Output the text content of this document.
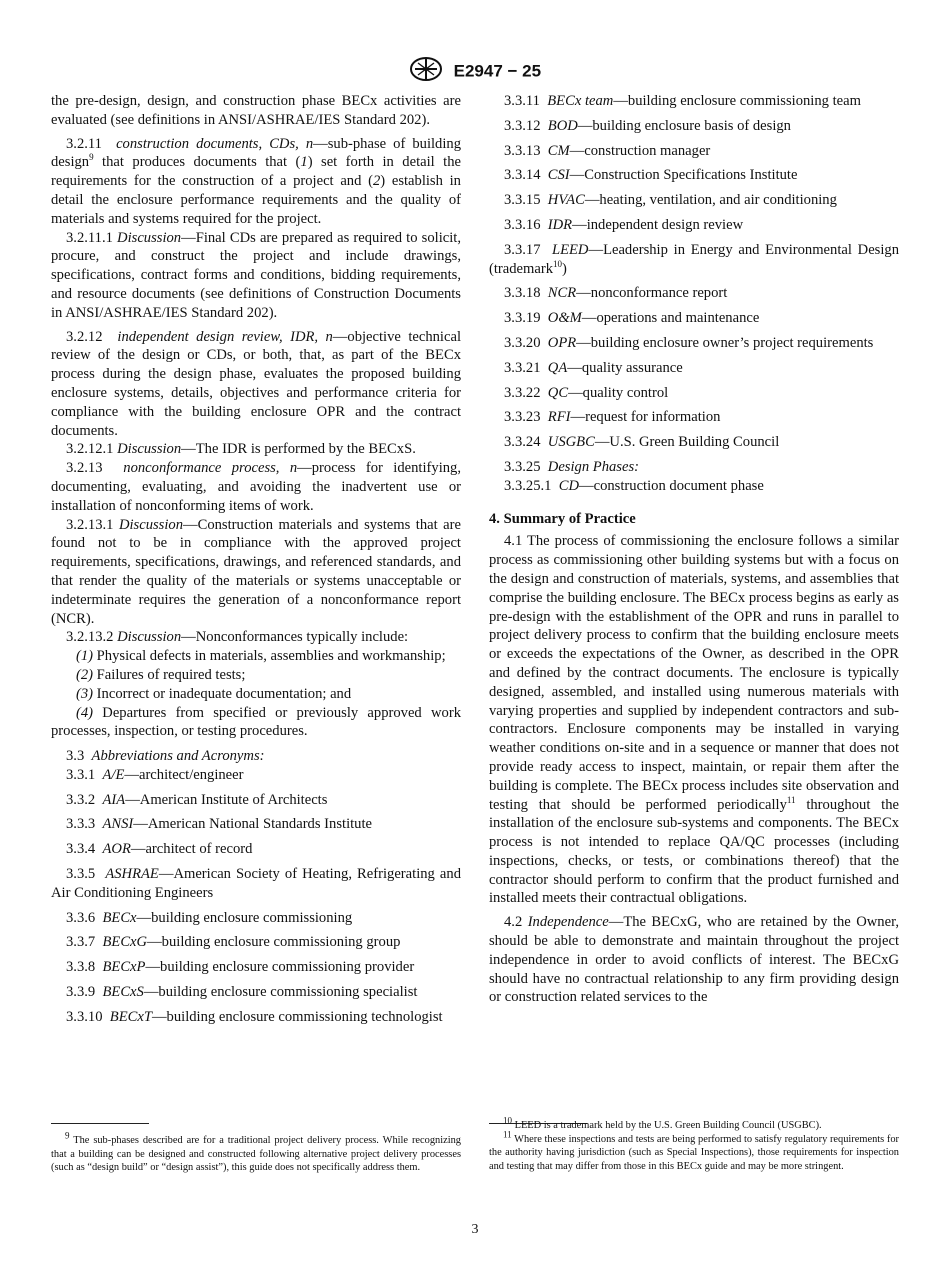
E2947 − 25

the pre-design, design, and construction phase BECx activities are evaluated (see definitions in ANSI/ASHRAE/IES Standard 202).

3.2.11 construction documents, CDs, n—sub-phase of building design$^9$ that produces documents that (1) set forth in detail the requirements for the construction of a project and (2) establish in detail the enclosure performance requirements and the quality of materials and systems required for the project.

3.2.11.1 Discussion—Final CDs are prepared as required to solicit, procure, and construct the project and include drawings, specifications, contract forms and conditions, bidding requirements, and resource documents (see definitions of Construction Documents in ANSI/ASHRAE/IES Standard 202).

3.2.12 independent design review, IDR, n—objective technical review of the design or CDs, or both, that, as part of the BECx process during the design phase, evaluates the proposed building enclosure systems, details, objectives and performance criteria for compliance with the building enclosure OPR and the contract documents.

3.2.12.1 Discussion—The IDR is performed by the BECxS.

3.2.13 nonconformance process, n—process for identifying, documenting, evaluating, and avoiding the inadvertent use or installation of nonconforming items of work.

3.2.13.1 Discussion—Construction materials and systems that are found not to be in compliance with the approved project requirements, specifications, drawings, and referenced standards, and that render the quality of the materials or systems unacceptable or indeterminate requires the generation of a nonconformance report (NCR).

3.2.13.2 Discussion—Nonconformances typically include:

(1) Physical defects in materials, assemblies and workmanship;

(2) Failures of required tests;

(3) Incorrect or inadequate documentation; and

(4) Departures from specified or previously approved work processes, inspection, or testing procedures.

3.3 Abbreviations and Acronyms:

3.3.1 A/E—architect/engineer

3.3.2 AIA—American Institute of Architects

3.3.3 ANSI—American National Standards Institute

3.3.4 AOR—architect of record

3.3.5 ASHRAE—American Society of Heating, Refrigerating and Air Conditioning Engineers

3.3.6 BECx—building enclosure commissioning

3.3.7 BECxG—building enclosure commissioning group

3.3.8 BECxP—building enclosure commissioning provider

3.3.9 BECxS—building enclosure commissioning specialist

3.3.10 BECxT—building enclosure commissioning technologist

3.3.11 BECx team—building enclosure commissioning team

3.3.12 BOD—building enclosure basis of design

3.3.13 CM—construction manager

3.3.14 CSI—Construction Specifications Institute

3.3.15 HVAC—heating, ventilation, and air conditioning

3.3.16 IDR—independent design review

3.3.17 LEED—Leadership in Energy and Environmental Design (trademark$^{10}$)

3.3.18 NCR—nonconformance report

3.3.19 O&M—operations and maintenance

3.3.20 OPR—building enclosure owner’s project requirements

3.3.21 QA—quality assurance

3.3.22 QC—quality control

3.3.23 RFI—request for information

3.3.24 USGBC—U.S. Green Building Council

3.3.25 Design Phases:

3.3.25.1 CD—construction document phase

4. Summary of Practice

4.1 The process of commissioning the enclosure follows a similar process as commissioning other building systems but with a focus on the design and construction of materials, systems, and assemblies that comprise the building enclosure. The BECx process begins as early as pre-design with the establishment of the OPR and runs in parallel to project delivery process to confirm that the building enclosure meets or exceeds the expectations of the Owner, as described in the OPR and defined by the contract documents. The enclosure is typically designed, assembled, and installed using numerous materials with varying properties and supplied by independent contractors and sub-contractors. Enclosure components may be installed in varying weather conditions on-site and in a sequence or manner that does not provide ready access to inspect, maintain, or repair them after the building is complete. The BECx process includes site observation and testing that should be performed periodically$^{11}$ throughout the installation of the enclosure sub-systems and components. The BECx process is not intended to replace QA/QC processes (including inspections, checks, or tests, or combinations thereof) that the contractor should perform to confirm that the product furnished and installed meets their contractual obligations.

4.2 Independence—The BECxG, who are retained by the Owner, should be able to demonstrate and maintain throughout the project independence in order to avoid conflicts of interest. The BECxG should have no contractual relationship to any firm providing design or construction related services to the

$^9$ The sub-phases described are for a traditional project delivery process. While recognizing that a building can be designed and constructed following alternative project delivery processes (such as “design build” or “design assist”), this guide does not specifically address them.

$^{10}$ LEED is a trademark held by the U.S. Green Building Council (USGBC).

$^{11}$ Where these inspections and tests are being performed to satisfy regulatory requirements for the authority having jurisdiction (such as Special Inspections), those requirements for inspection and testing that may differ from those in this BECx guide and may be more stringent.

3
